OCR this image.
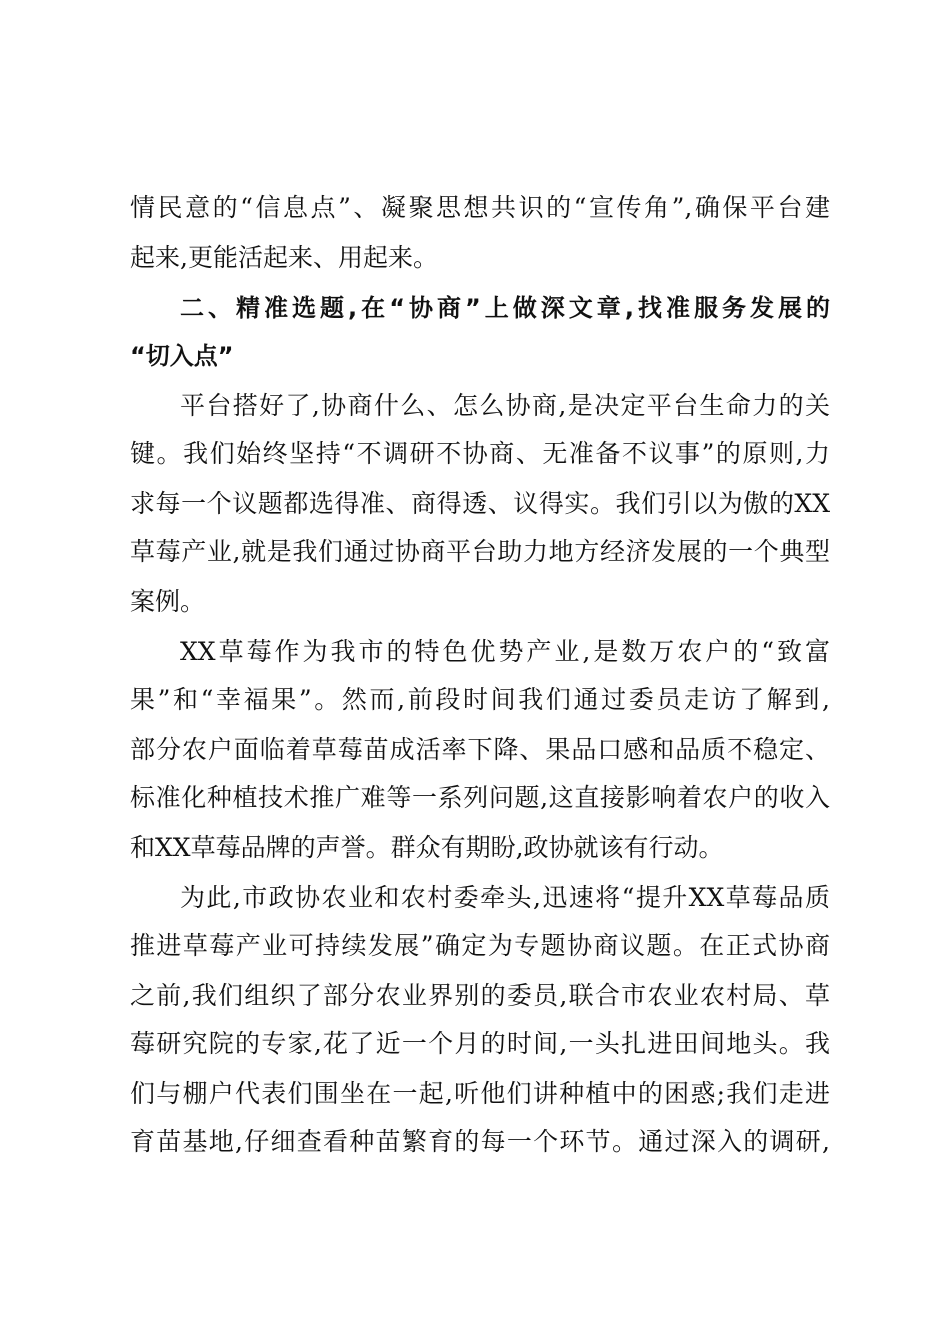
情民意的“信息点”、凝聚思想共识的“宣传角”,确保平台建
起来,更能活起来、用起来。
二、精准选题,在“协商”上做深文章,找准服务发展的
“切入点”
平台搭好了,协商什么、怎么协商,是决定平台生命力的关
键。我们始终坚持“不调研不协商、无准备不议事”的原则,力
求每一个议题都选得准、商得透、议得实。我们引以为傲的XX
草莓产业,就是我们通过协商平台助力地方经济发展的一个典型
案例。
XX草莓作为我市的特色优势产业,是数万农户的“致富
果”和“幸福果”。然而,前段时间我们通过委员走访了解到,
部分农户面临着草莓苗成活率下降、果品口感和品质不稳定、
标准化种植技术推广难等一系列问题,这直接影响着农户的收入
和XX草莓品牌的声誉。群众有期盼,政协就该有行动。
为此,市政协农业和农村委牵头,迅速将“提升XX草莓品质
推进草莓产业可持续发展”确定为专题协商议题。在正式协商
之前,我们组织了部分农业界别的委员,联合市农业农村局、草
莓研究院的专家,花了近一个月的时间,一头扎进田间地头。我
们与棚户代表们围坐在一起,听他们讲种植中的困惑;我们走进
育苗基地,仔细查看种苗繁育的每一个环节。通过深入的调研,
